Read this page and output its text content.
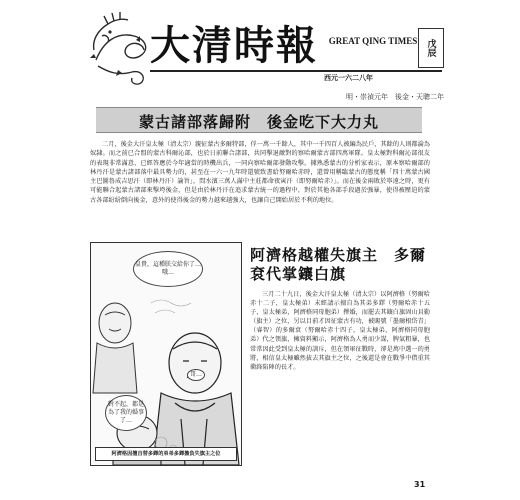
大清時報 GREAT QING TIMES 戊辰
西元一六二八年
明・崇禎元年　後金・天聰二年
蒙古諸部落歸附　後金吃下大力丸
二月，後金大汗皇太極（清太宗）親征蒙古多爾特部，俘一萬一千餘人，其中一千四百人被編為民戶，其餘的人則都淪為奴隸。而之前已合盟的蒙古科爾沁部，也於日前聯合諸部，共同擊退敵對的察哈爾蒙古部四萬軍隊。皇太極對科爾沁部很友的表現非常滿意，已經答應於今年適當的時機出兵，一同向察哈爾部發動攻擊。據熟悉蒙古的分析家表示，原本察哈爾部的林丹汗是蒙古諸部落中最具勢力的，甚至在一六一九年時還號致書給努爾哈赤時，還曾用稱臨蒙古的態度稱「四十萬蒙古國主巴圖魯成吉思汗（即林丹汗）諭旨」，問水濱三萬人滿中主莊都命夜寅汗（即努爾哈赤）」。而在後金兩敗於寧遠之時，更有可能聯合起蒙古諸部來擊垮後金，但是由於林丹汗在追求蒙古統一的過程中，對於其他各部手段過於強暴，使得被壓迫的蒙古各部紛紛倒向後金，意外的使得後金的勢力越來越強大，也讓自己開始居於不利的地位。
皇貴，這種朕交給你了…哦…
哥…
對不起，都是為了我的婚事了…
阿濟格因擅自替多鐸的弟弟多鐸擔負失旗主之位
阿濟格越權失旗主　多爾袞代掌鑲白旗
三月二十九日，後金大汗皇太極（清太宗）以阿濟格（努爾哈赤十二子，皇太極弟）未經請示擅自為其弟多鐸（努爾哈赤十五子，皇太極弟，阿濟格同母胞弟）擇婚，而罷去其鑲白旗固山貝勒（旗主）之位，另以目前才因征蒙古有功，被賜號「墨爾根岱青」（睿智）的多爾袞（努爾哈赤十四子，皇太極弟，阿濟格同母胞弟）代之領旗，擁資料顯示，阿濟格為人勇而少謀，脾氣粗暴，也常常因此受到皇太極的訓斥，但在領軍征戰時，卻是萬中選一的勇將，相信皇太極雖然拔去其旗主之位，之後還是會在戰爭中借重其衝鋒陷陣的長才。
31
